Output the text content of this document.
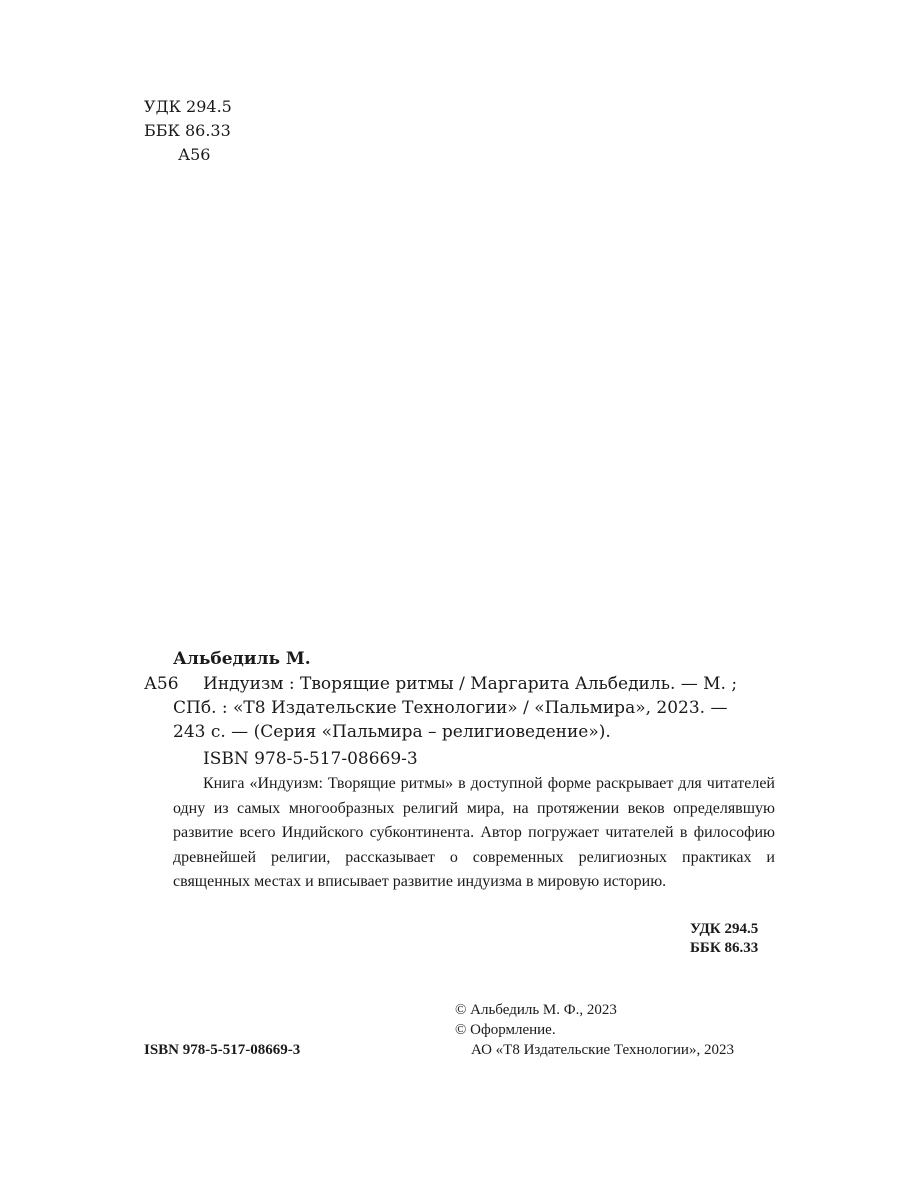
УДК 294.5
ББК 86.33
А56
Альбедиль М.
А56 Индуизм : Творящие ритмы / Маргарита Альбедиль. — М. ;
СПб. : «Т8 Издательские Технологии» / «Пальмира», 2023. —
243 с. — (Серия «Пальмира – религиоведение»).
ISBN 978-5-517-08669-3
Книга «Индуизм: Творящие ритмы» в доступной форме раскрывает для читателей одну из самых многообразных религий мира, на протяжении веков определявшую развитие всего Индийского субконтинента. Автор погружает читателей в философию древнейшей религии, рассказывает о современных религиозных практиках и священных местах и вписывает развитие индуизма в мировую историю.
УДК 294.5
ББК 86.33
© Альбедиль М. Ф., 2023
© Оформление.
АО «Т8 Издательские Технологии», 2023
ISBN 978-5-517-08669-3
